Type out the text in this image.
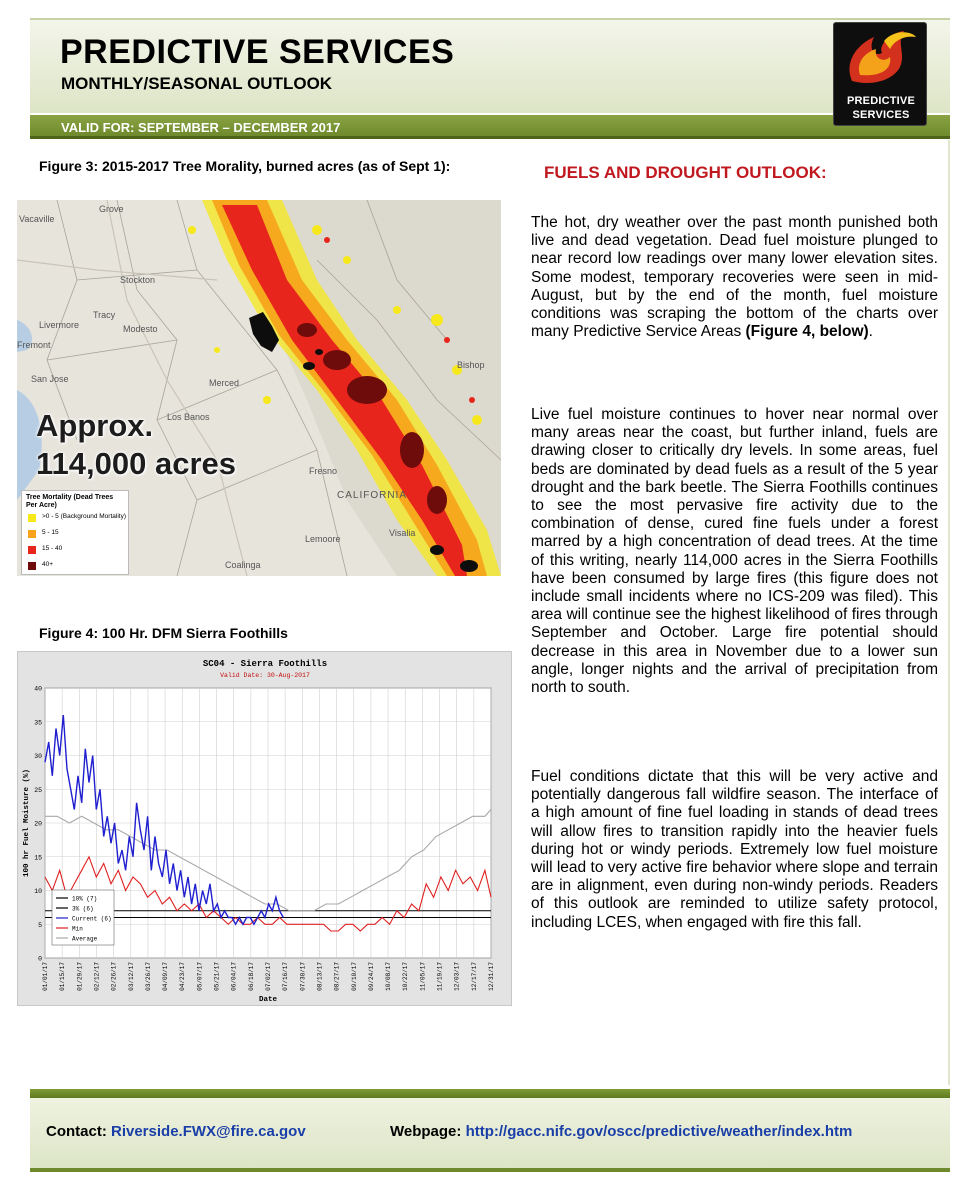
PREDICTIVE SERVICES
MONTHLY/SEASONAL OUTLOOK
VALID FOR: SEPTEMBER – DECEMBER 2017
PREDICTIVE
SERVICES
Figure 3: 2015-2017 Tree Morality, burned acres (as of Sept 1):
Vacaville
Grove
Stockton
Tracy
Livermore	Modesto
San Jose
Fremont
Merced
Los Banos
Fresno
CALIFORNIA
Visalia
Lemoore
Coalinga
Bishop
Approx.
114,000 acres
Tree Mortality (Dead Trees Per Acre)
>0 - 5 (Background Mortality)
5 - 15
15 - 40
40+
Figure 4: 100 Hr. DFM Sierra Foothills
SC04 - Sierra Foothills
Valid Date: 30-Aug-2017
0
5
10
15
20
25
30
35
40
01/01/17 01/15/17 01/29/17 02/12/17 02/26/17 03/12/17 03/26/17 04/09/17 04/23/17 05/07/17 05/21/17 06/04/17 06/18/17 07/02/17 07/16/17 07/30/17 08/13/17 08/27/17 09/10/17 09/24/17 10/08/17 10/22/17 11/05/17 11/19/17 12/03/17 12/17/17 12/31/17
100 hr Fuel Moisture (%)
Date
10% (7)
3% (6)
Current (6)
Min
Average
FUELS AND DROUGHT OUTLOOK:
The hot, dry weather over the past month punished both live and dead vegetation. Dead fuel moisture plunged to near record low readings over many lower elevation sites. Some modest, temporary recoveries were seen in mid-August, but by the end of the month, fuel moisture conditions was scraping the bottom of the charts over many Predictive Service Areas (Figure 4, below).
Live fuel moisture continues to hover near normal over many areas near the coast, but further inland, fuels are drawing closer to critically dry levels. In some areas, fuel beds are dominated by dead fuels as a result of the 5 year drought and the bark beetle. The Sierra Foothills continues to see the most pervasive fire activity due to the combination of dense, cured fine fuels under a forest marred by a high concentration of dead trees. At the time of this writing, nearly 114,000 acres in the Sierra Foothills have been consumed by large fires (this figure does not include small incidents where no ICS-209 was filed). This area will continue see the highest likelihood of fires through September and October. Large fire potential should decrease in this area in November due to a lower sun angle, longer nights and the arrival of precipitation from north to south.
Fuel conditions dictate that this will be very active and potentially dangerous fall wildfire season. The interface of a high amount of fine fuel loading in stands of dead trees will allow fires to transition rapidly into the heavier fuels during hot or windy periods. Extremely low fuel moisture will lead to very active fire behavior where slope and terrain are in alignment, even during non-windy periods. Readers of this outlook are reminded to utilize safety protocol, including LCES, when engaged with fire this fall.
Contact: Riverside.FWX@fire.ca.gov	Webpage: http://gacc.nifc.gov/oscc/predictive/weather/index.htm
